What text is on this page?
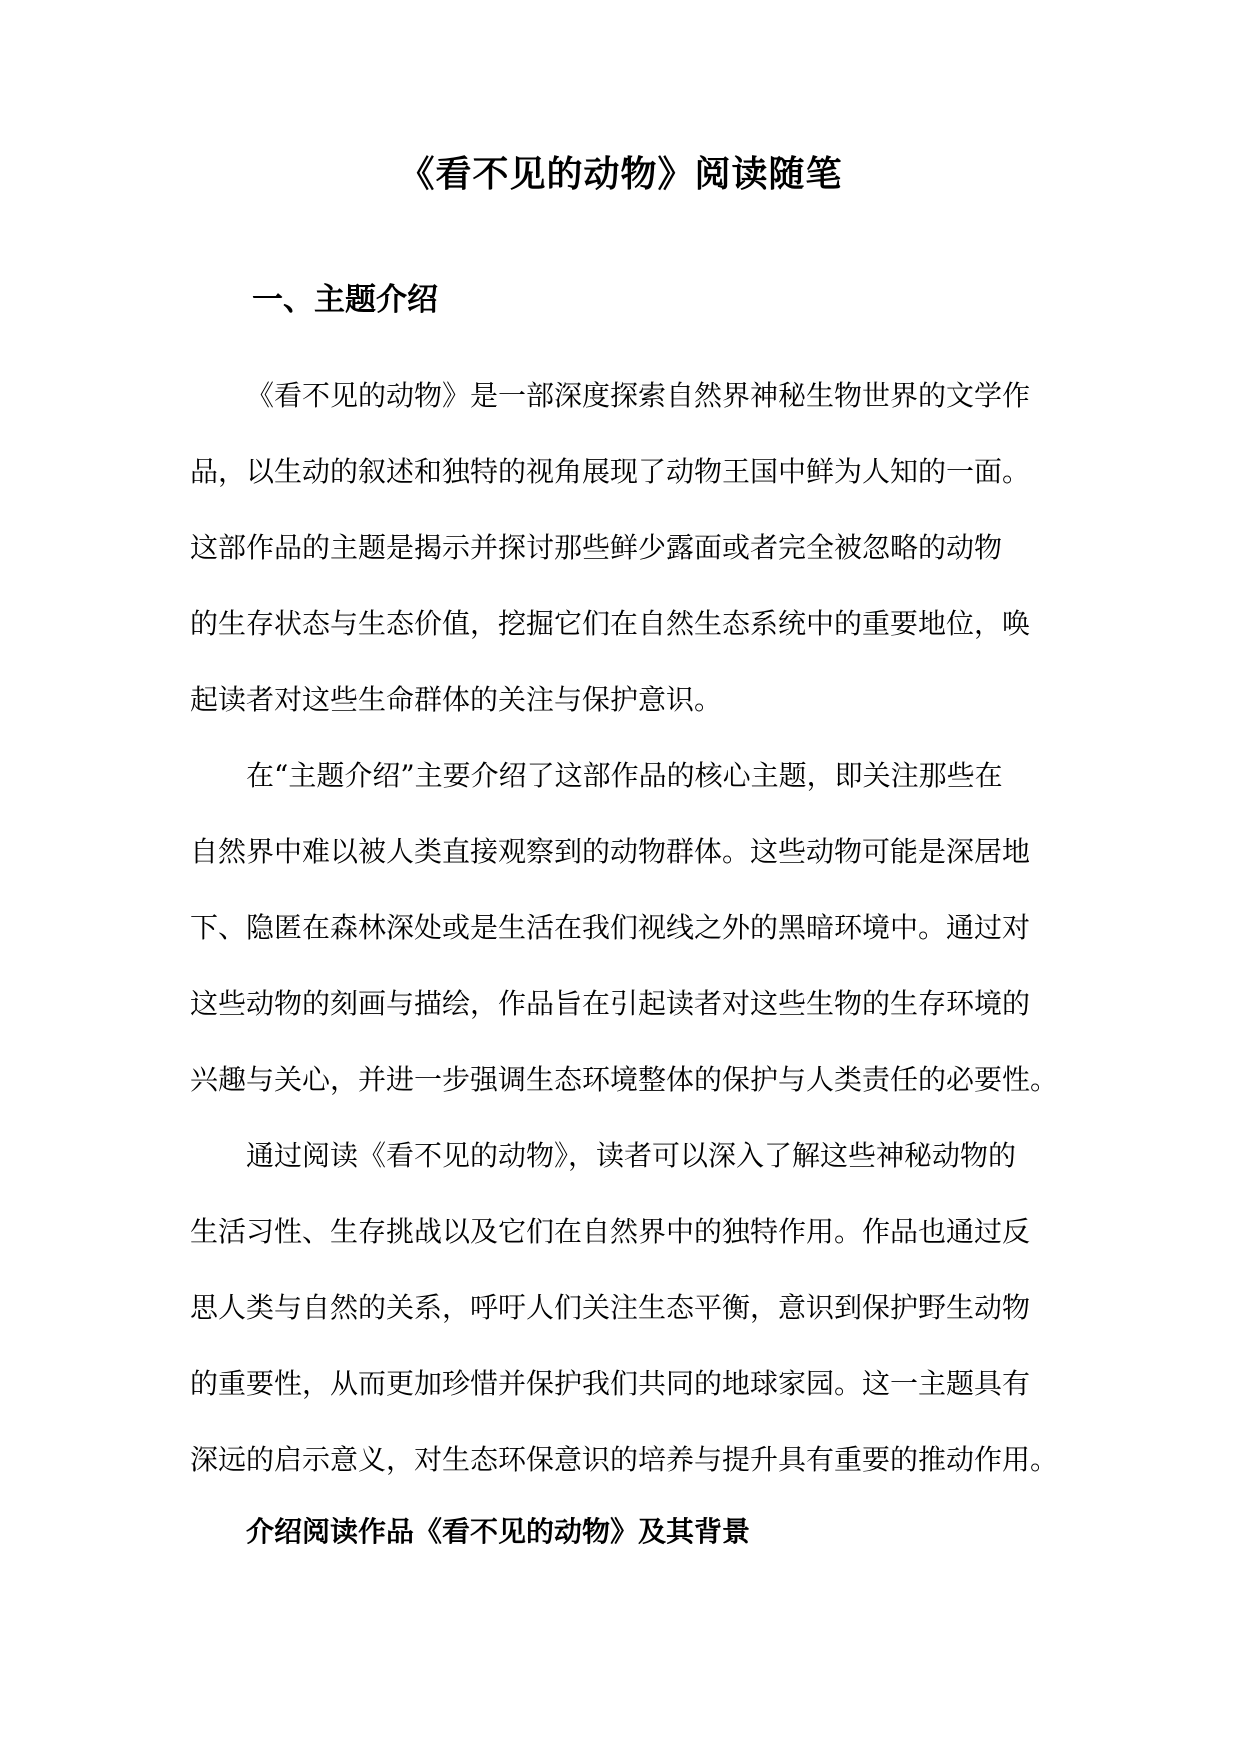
《看不见的动物》阅读随笔
一、主题介绍
《看不见的动物》是一部深度探索自然界神秘生物世界的文学作
品，以生动的叙述和独特的视角展现了动物王国中鲜为人知的一面。
这部作品的主题是揭示并探讨那些鲜少露面或者完全被忽略的动物
的生存状态与生态价值，挖掘它们在自然生态系统中的重要地位，唤
起读者对这些生命群体的关注与保护意识。
在“主题介绍”主要介绍了这部作品的核心主题，即关注那些在
自然界中难以被人类直接观察到的动物群体。这些动物可能是深居地
下、隐匿在森林深处或是生活在我们视线之外的黑暗环境中。通过对
这些动物的刻画与描绘，作品旨在引起读者对这些生物的生存环境的
兴趣与关心，并进一步强调生态环境整体的保护与人类责任的必要性。
通过阅读《看不见的动物》，读者可以深入了解这些神秘动物的
生活习性、生存挑战以及它们在自然界中的独特作用。作品也通过反
思人类与自然的关系，呼吁人们关注生态平衡，意识到保护野生动物
的重要性，从而更加珍惜并保护我们共同的地球家园。这一主题具有
深远的启示意义，对生态环保意识的培养与提升具有重要的推动作用。
介绍阅读作品《看不见的动物》及其背景
